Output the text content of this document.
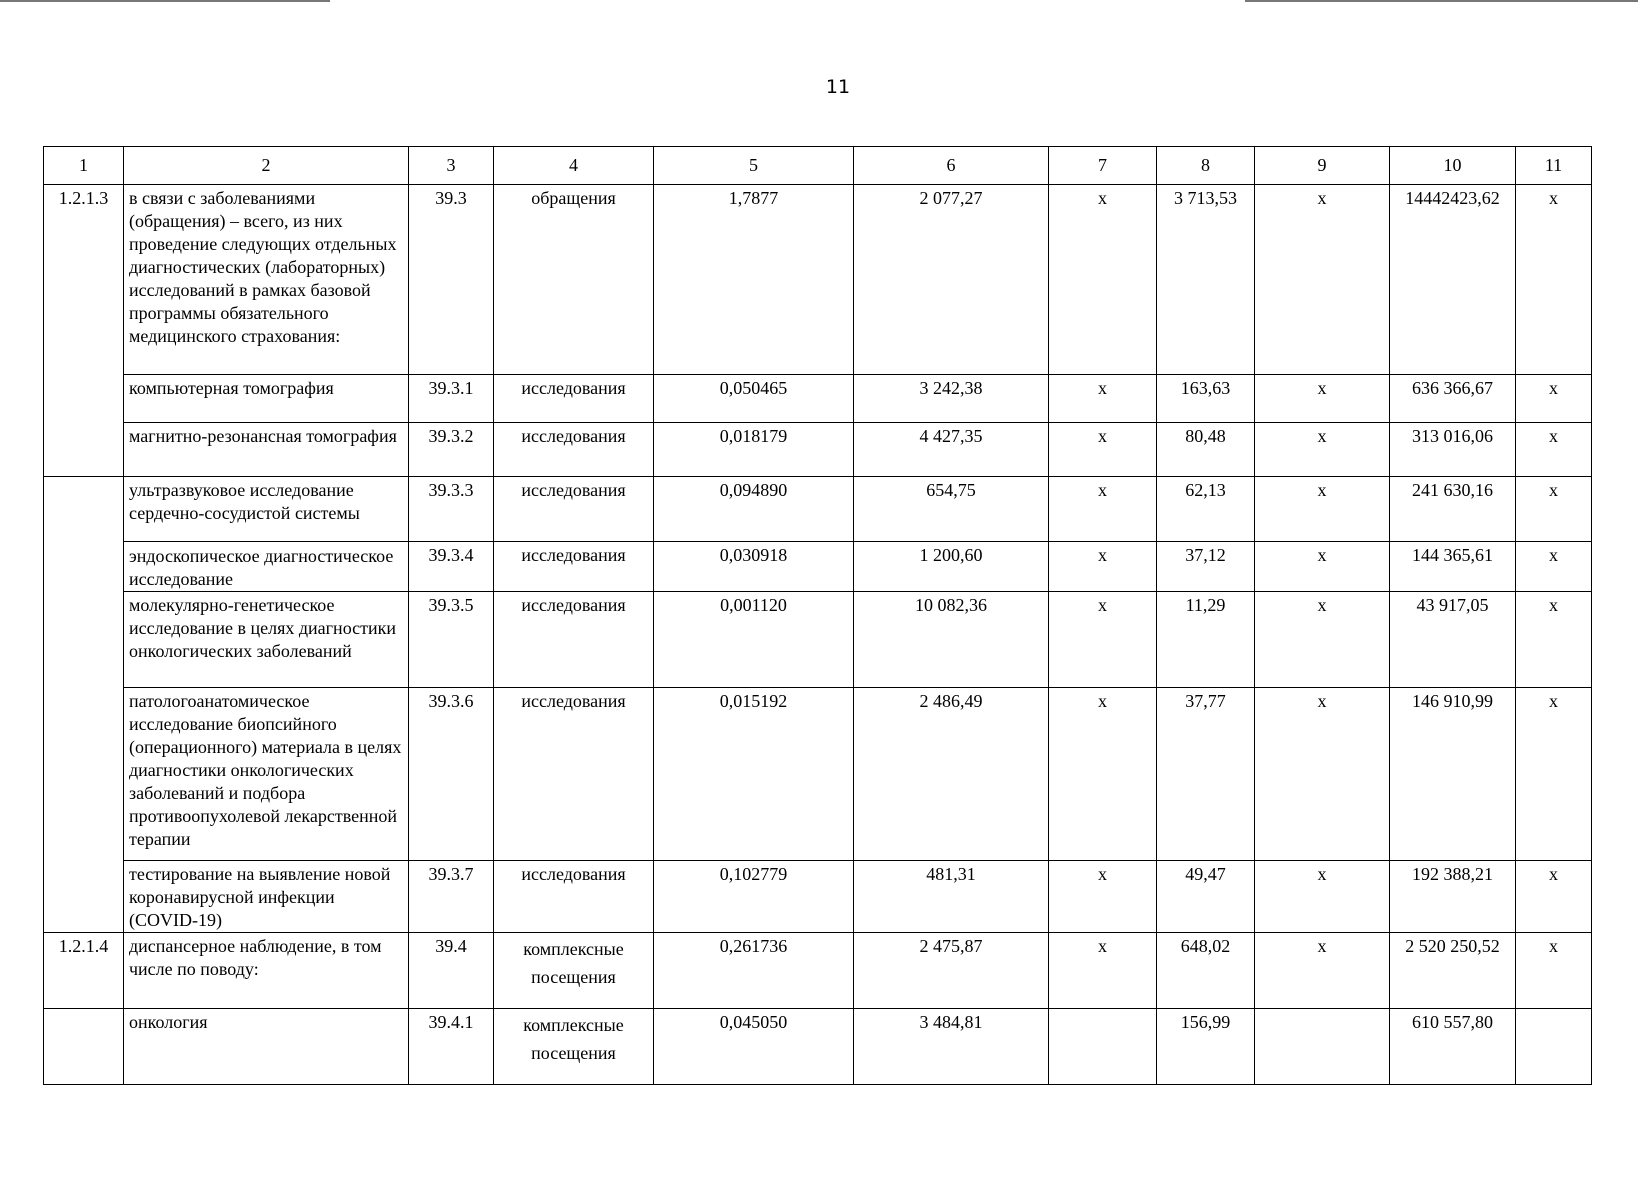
11
1	2	3	4	5	6	7	8	9	10	11
1.2.1.3	в связи с заболеваниями (обращения) – всего, из них проведение следующих отдельных диагностических (лабораторных) исследований в рамках базовой программы обязательного медицинского страхования:	39.3	обращения	1,7877	2 077,27	х	3 713,53	х	14442423,62	х
	компьютерная томография	39.3.1	исследования	0,050465	3 242,38	х	163,63	х	636 366,67	х
	магнитно-резонансная томография	39.3.2	исследования	0,018179	4 427,35	х	80,48	х	313 016,06	х
	ультразвуковое исследование сердечно-сосудистой системы	39.3.3	исследования	0,094890	654,75	х	62,13	х	241 630,16	х
	эндоскопическое диагностическое исследование	39.3.4	исследования	0,030918	1 200,60	х	37,12	х	144 365,61	х
	молекулярно-генетическое исследование в целях диагностики онкологических заболеваний	39.3.5	исследования	0,001120	10 082,36	х	11,29	х	43 917,05	х
	патологоанатомическое исследование биопсийного (операционного) материала в целях диагностики онкологических заболеваний и подбора противоопухолевой лекарственной терапии	39.3.6	исследования	0,015192	2 486,49	х	37,77	х	146 910,99	х
	тестирование на выявление новой коронавирусной инфекции (COVID-19)	39.3.7	исследования	0,102779	481,31	х	49,47	х	192 388,21	х
1.2.1.4	диспансерное наблюдение, в том числе по поводу:	39.4	комплексные посещения	0,261736	2 475,87	х	648,02	х	2 520 250,52	х
	онкология	39.4.1	комплексные посещения	0,045050	3 484,81		156,99		610 557,80	
